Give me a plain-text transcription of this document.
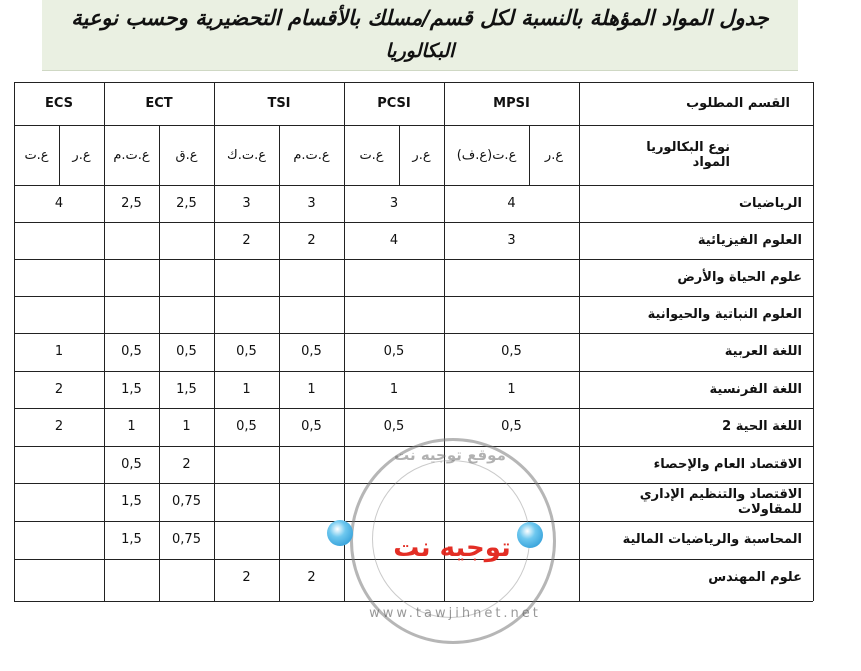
جدول المواد المؤهلة بالنسبة لكل قسم/مسلك بالأقسام التحضيرية وحسب نوعية
البكالوريا
القسم المطلوب
MPSI
PCSI
TSI
ECT
ECS
نوع البكالوريا
المواد
ع.ر
ع.ت(ع.ف)
ع.ر
ع.ت
ع.ت.م
ع.ت.ك
ع.ق
ع.ت.م
ع.ر
ع.ت
الرياضيات
4
3
3
3
2,5
2,5
4
العلوم الفيزيائية
3
4
2
2
علوم الحياة والأرض
العلوم النباتية والحيوانية
اللغة العربية
0,5
0,5
0,5
0,5
0,5
0,5
1
اللغة الفرنسية
1
1
1
1
1,5
1,5
2
اللغة الحية 2
0,5
0,5
0,5
0,5
1
1
2
الاقتصاد العام والإحصاء
2
0,5
الاقتصاد والتنظيم الإداري للمقاولات
0,75
1,5
المحاسبة والرياضيات المالية
0,75
1,5
علوم المهندس
2
2
موقع توجيه نت
توجيه نت
www.tawjihnet.net
